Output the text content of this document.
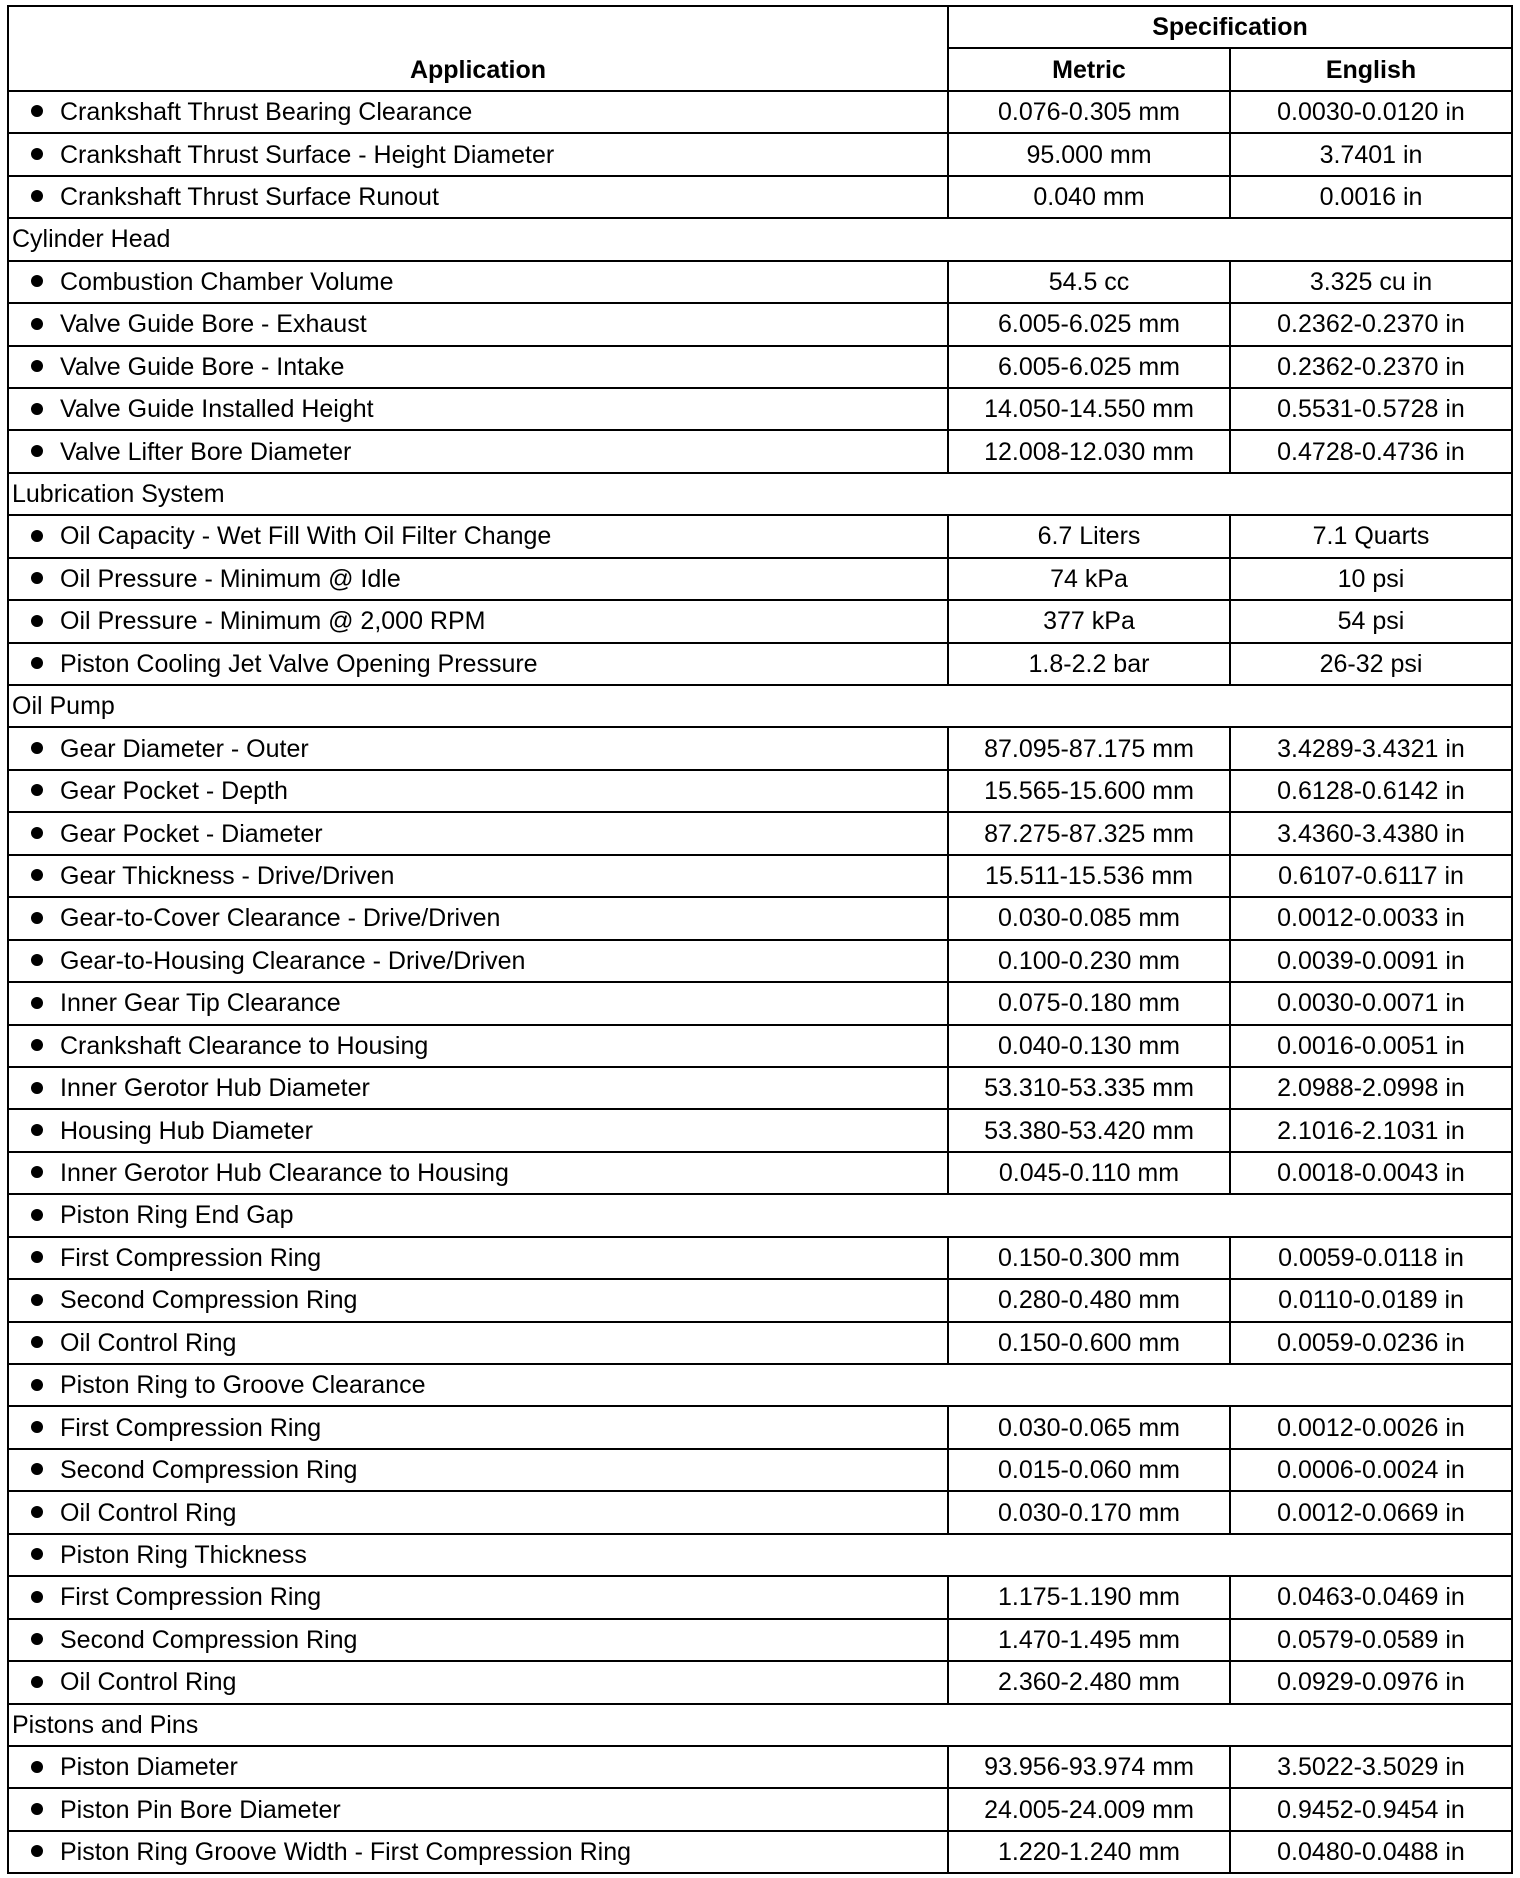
Application	Specification	
	Metric	English
Crankshaft Thrust Bearing Clearance	0.076-0.305 mm	0.0030-0.0120 in
Crankshaft Thrust Surface - Height Diameter	95.000 mm	3.7401 in
Crankshaft Thrust Surface Runout	0.040 mm	0.0016 in
Cylinder Head		
Combustion Chamber Volume	54.5 cc	3.325 cu in
Valve Guide Bore - Exhaust	6.005-6.025 mm	0.2362-0.2370 in
Valve Guide Bore - Intake	6.005-6.025 mm	0.2362-0.2370 in
Valve Guide Installed Height	14.050-14.550 mm	0.5531-0.5728 in
Valve Lifter Bore Diameter	12.008-12.030 mm	0.4728-0.4736 in
Lubrication System		
Oil Capacity - Wet Fill With Oil Filter Change	6.7 Liters	7.1 Quarts
Oil Pressure - Minimum @ Idle	74 kPa	10 psi
Oil Pressure - Minimum @ 2,000 RPM	377 kPa	54 psi
Piston Cooling Jet Valve Opening Pressure	1.8-2.2 bar	26-32 psi
Oil Pump		
Gear Diameter - Outer	87.095-87.175 mm	3.4289-3.4321 in
Gear Pocket - Depth	15.565-15.600 mm	0.6128-0.6142 in
Gear Pocket - Diameter	87.275-87.325 mm	3.4360-3.4380 in
Gear Thickness - Drive/Driven	15.511-15.536 mm	0.6107-0.6117 in
Gear-to-Cover Clearance - Drive/Driven	0.030-0.085 mm	0.0012-0.0033 in
Gear-to-Housing Clearance - Drive/Driven	0.100-0.230 mm	0.0039-0.0091 in
Inner Gear Tip Clearance	0.075-0.180 mm	0.0030-0.0071 in
Crankshaft Clearance to Housing	0.040-0.130 mm	0.0016-0.0051 in
Inner Gerotor Hub Diameter	53.310-53.335 mm	2.0988-2.0998 in
Housing Hub Diameter	53.380-53.420 mm	2.1016-2.1031 in
Inner Gerotor Hub Clearance to Housing	0.045-0.110 mm	0.0018-0.0043 in
Piston Ring End Gap		
First Compression Ring	0.150-0.300 mm	0.0059-0.0118 in
Second Compression Ring	0.280-0.480 mm	0.0110-0.0189 in
Oil Control Ring	0.150-0.600 mm	0.0059-0.0236 in
Piston Ring to Groove Clearance		
First Compression Ring	0.030-0.065 mm	0.0012-0.0026 in
Second Compression Ring	0.015-0.060 mm	0.0006-0.0024 in
Oil Control Ring	0.030-0.170 mm	0.0012-0.0669 in
Piston Ring Thickness		
First Compression Ring	1.175-1.190 mm	0.0463-0.0469 in
Second Compression Ring	1.470-1.495 mm	0.0579-0.0589 in
Oil Control Ring	2.360-2.480 mm	0.0929-0.0976 in
Pistons and Pins		
Piston Diameter	93.956-93.974 mm	3.5022-3.5029 in
Piston Pin Bore Diameter	24.005-24.009 mm	0.9452-0.9454 in
Piston Ring Groove Width - First Compression Ring	1.220-1.240 mm	0.0480-0.0488 in
